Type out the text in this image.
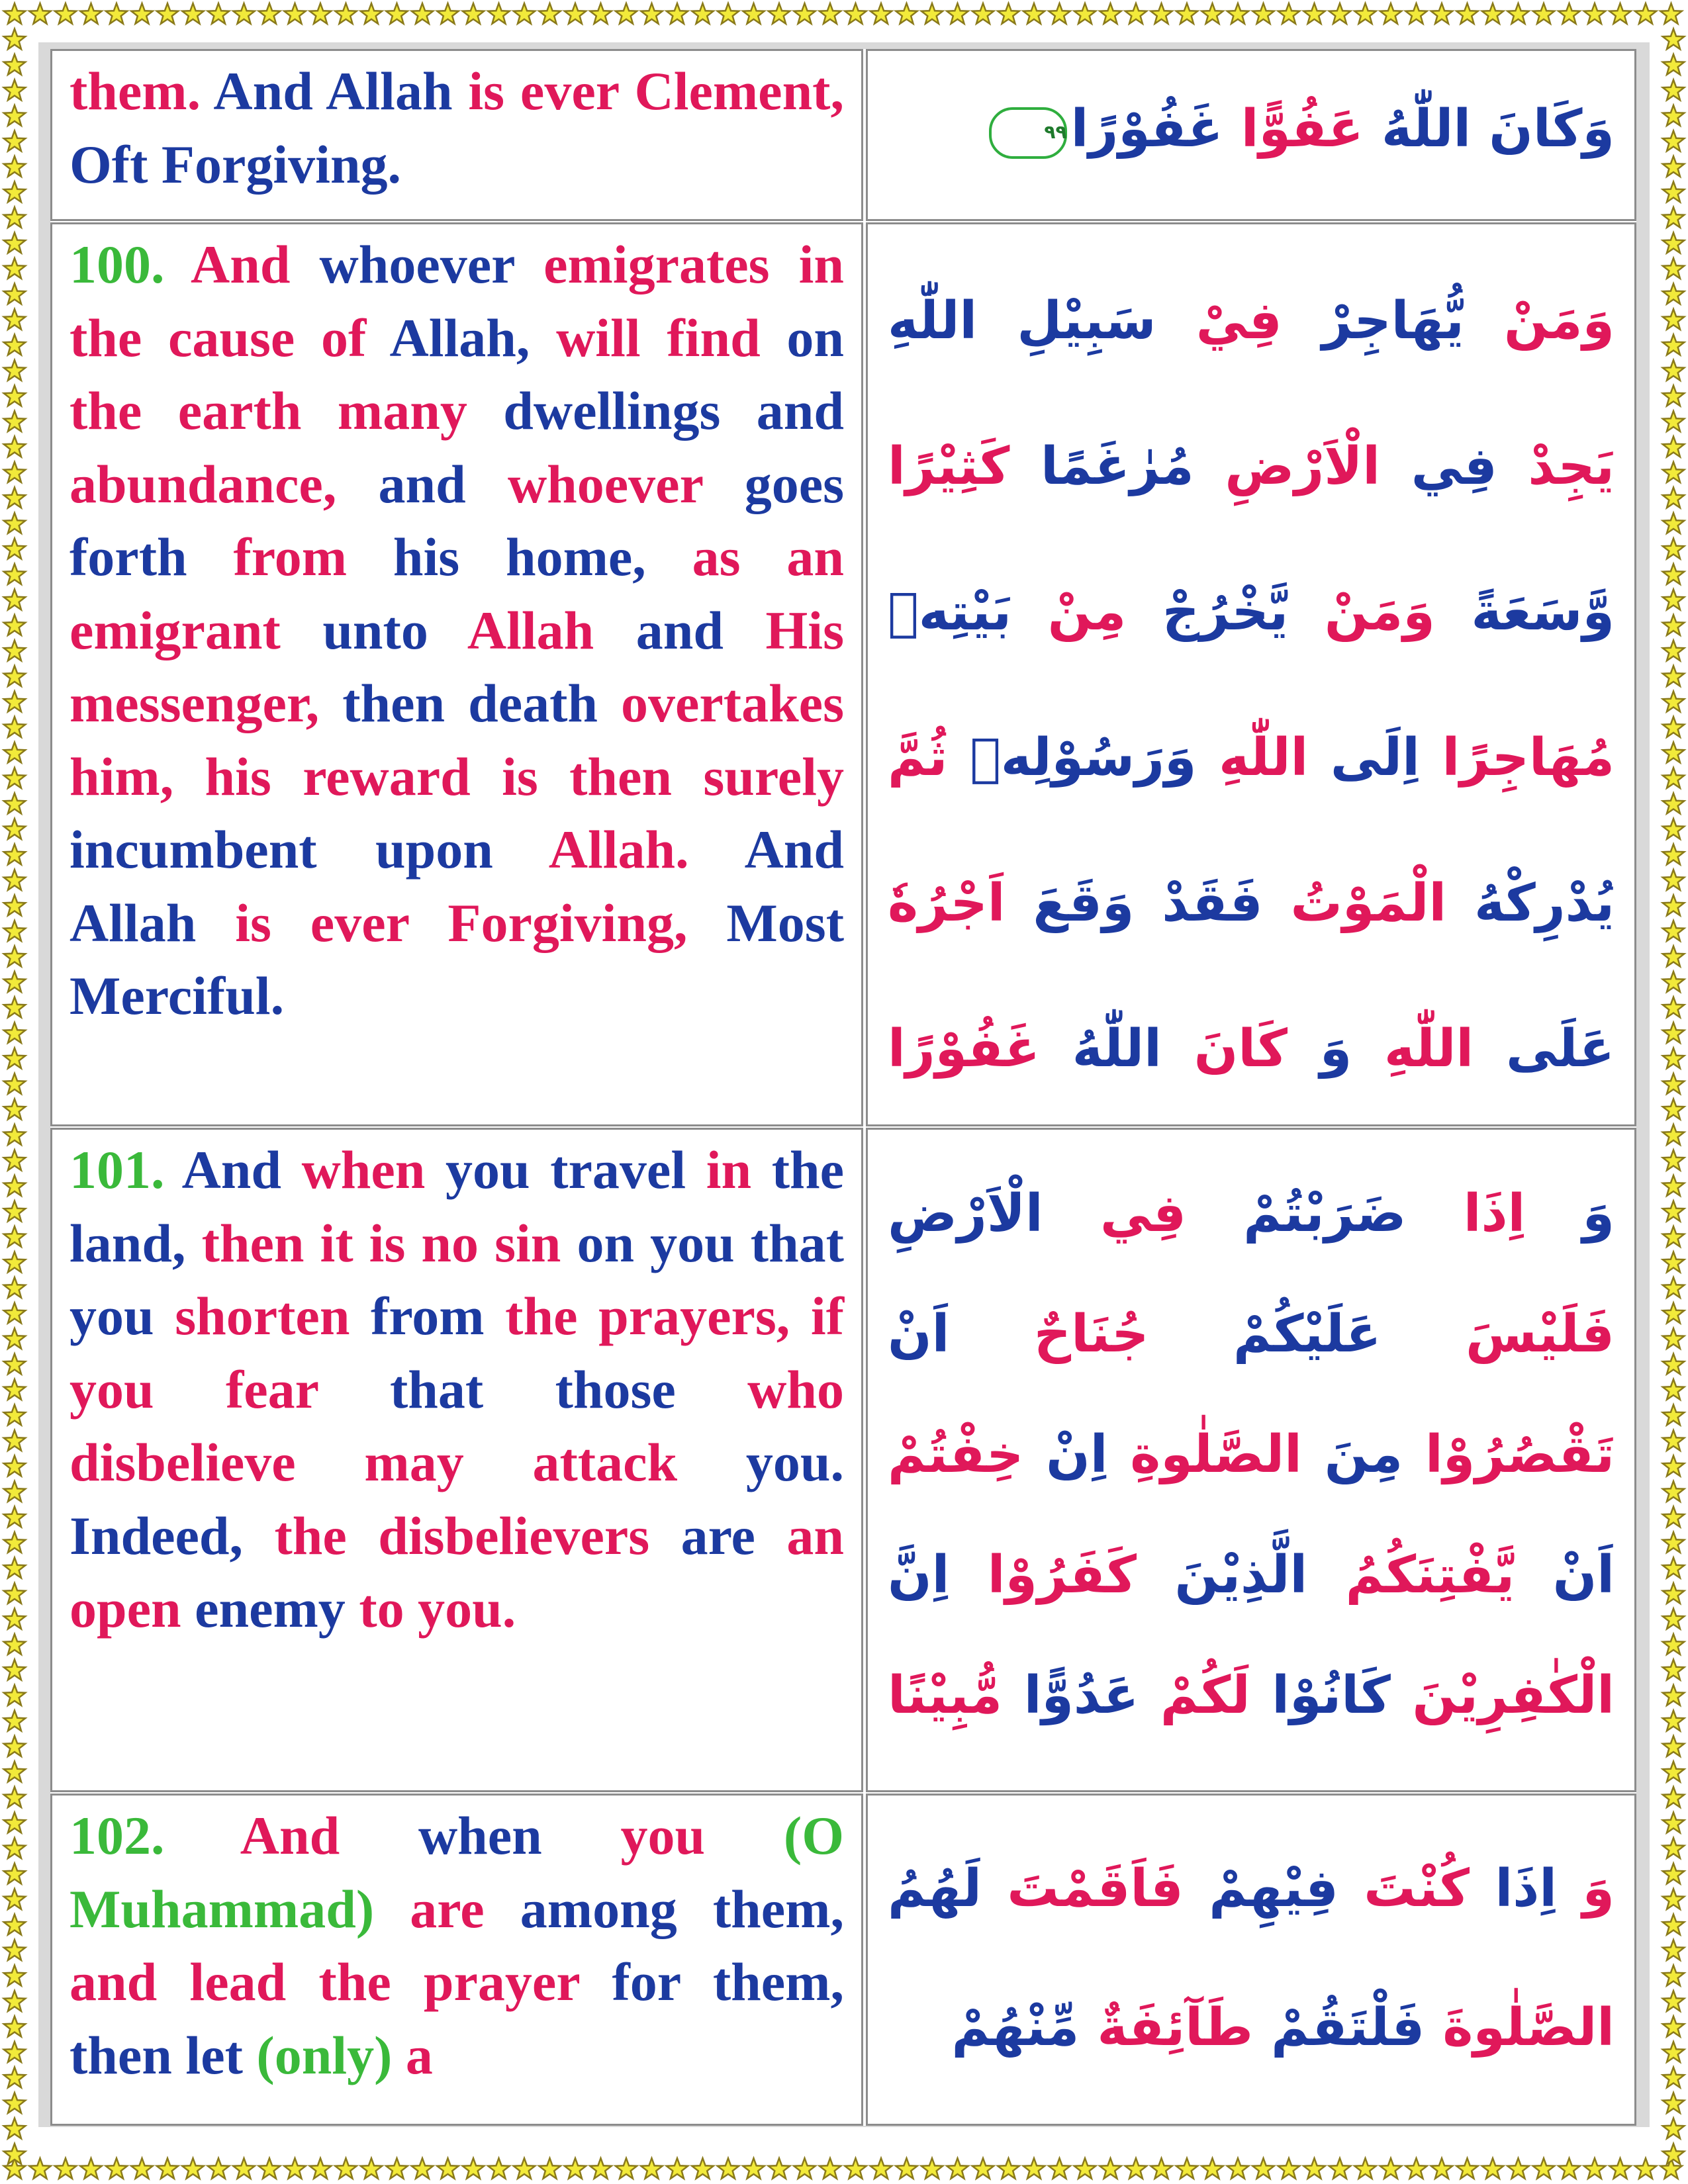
them. And Allah is ever Clement, Oft Forgiving.
وَكَانَ اللّٰهُ عَفُوًّا غَفُوْرًا
٩٩
100. And whoever emigrates in the cause of Allah, will find on the earth many dwellings and abundance, and whoever goes forth from his home, as an emigrant unto Allah and His messenger, then death overtakes him, his reward is then surely incumbent upon Allah. And Allah is ever Forgiving, Most Merciful.
وَمَنْ يُّهَاجِرْ فِيْ سَبِيْلِ اللّٰهِ يَجِدْ فِي الْاَرْضِ مُرٰغَمًا كَثِيْرًا وَّسَعَةً وَمَنْ يَّخْرُجْ مِنْ بَيْتِهٖ مُهَاجِرًا اِلَى اللّٰهِ وَرَسُوْلِهٖ ثُمَّ يُدْرِكْهُ الْمَوْتُ فَقَدْ وَقَعَ اَجْرُهٗ عَلَى اللّٰهِ وَ كَانَ اللّٰهُ غَفُوْرًا
101. And when you travel in the land, then it is no sin on you that you shorten from the prayers, if you fear that those who disbelieve may attack you. Indeed, the disbelievers are an open enemy to you.
وَ اِذَا ضَرَبْتُمْ فِي الْاَرْضِ فَلَيْسَ عَلَيْكُمْ جُنَاحٌ اَنْ تَقْصُرُوْا مِنَ الصَّلٰوةِ اِنْ خِفْتُمْ اَنْ يَّفْتِنَكُمُ الَّذِيْنَ كَفَرُوْا اِنَّ الْكٰفِرِيْنَ كَانُوْا لَكُمْ عَدُوًّا مُّبِيْنًا
102. And when you (O Muhammad) are among them, and lead the prayer for them, then let (only) a
وَ اِذَا كُنْتَ فِيْهِمْ فَاَقَمْتَ لَهُمُ الصَّلٰوةَ فَلْتَقُمْ طَآئِفَةٌ مِّنْهُمْ
